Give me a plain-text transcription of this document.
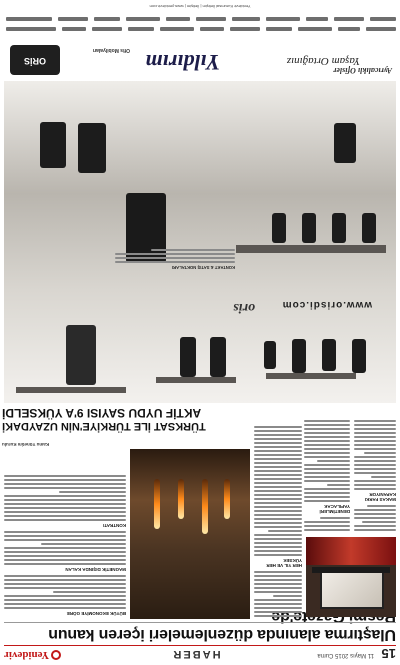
15
11 Mayıs 2015 Cuma
HABER
Yenidevir
Ulaştırma alanında düzenlemeleri içeren kanun
MAKAS FARKI KAPANIYOR
DENETİMLERİ YAPILACAK
HER YIL VE HER YÜKSEK
BÜYÜK EKONOMİYE GÖRE
MAGNETİK DIŞINDA KALAN
KONTRATI
Kamu Yönetim Kurulu
TÜRKSAT İLE TÜRKİYE'NİN UZAYDAKİ
AKTİF UYDU SAYISI 9'A YÜKSELDİ
www.orisdi.com
oris
KONTAKT & SATIŞ NOKTALARI
Yaşam Ortağınız
Yıldırım
Ofis Mobilyaları
ORİS
Ayrıcalıklı Ofisler
Yenidevir Kurumsal İletişim | İletişim | www.yenidevir.com
